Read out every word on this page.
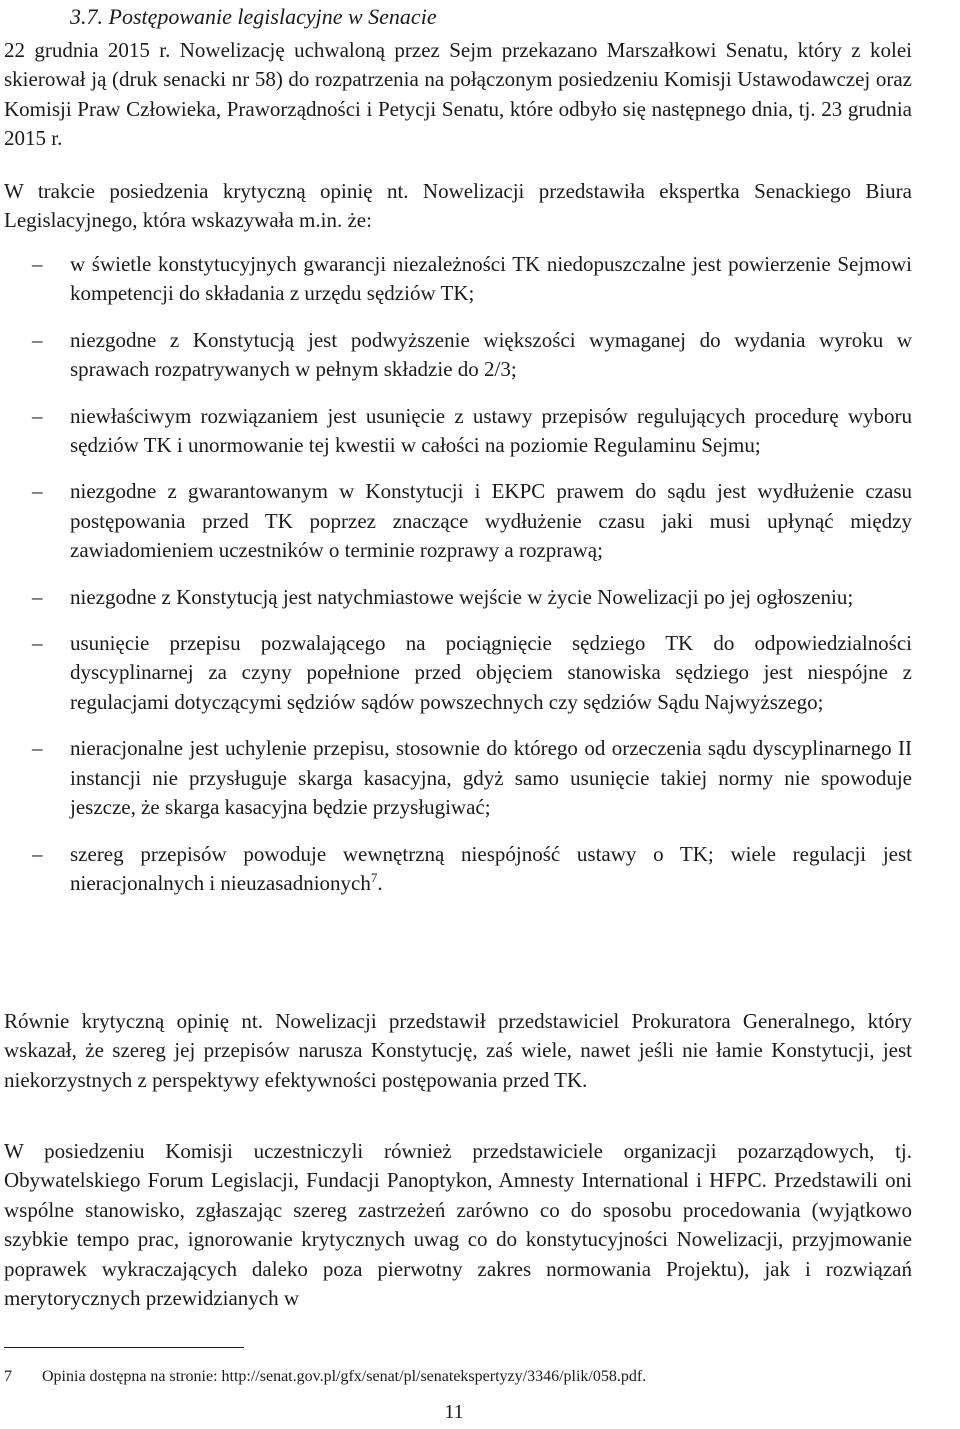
3.7. Postępowanie legislacyjne w Senacie

22 grudnia 2015 r. Nowelizację uchwaloną przez Sejm przekazano Marszałkowi Senatu, który z kolei skierował ją (druk senacki nr 58) do rozpatrzenia na połączonym posiedzeniu Komisji Ustawodawczej oraz Komisji Praw Człowieka, Praworządności i Petycji Senatu, które odbyło się następnego dnia, tj. 23 grudnia 2015 r.

W trakcie posiedzenia krytyczną opinię nt. Nowelizacji przedstawiła ekspertka Senackiego Biura Legislacyjnego, która wskazywała m.in. że:

– w świetle konstytucyjnych gwarancji niezależności TK niedopuszczalne jest powierzenie Sejmowi kompetencji do składania z urzędu sędziów TK;
– niezgodne z Konstytucją jest podwyższenie większości wymaganej do wydania wyroku w sprawach rozpatrywanych w pełnym składzie do 2/3;
– niewłaściwym rozwiązaniem jest usunięcie z ustawy przepisów regulujących procedurę wyboru sędziów TK i unormowanie tej kwestii w całości na poziomie Regulaminu Sejmu;
– niezgodne z gwarantowanym w Konstytucji i EKPC prawem do sądu jest wydłużenie czasu postępowania przed TK poprzez znaczące wydłużenie czasu jaki musi upłynąć między zawiadomieniem uczestników o terminie rozprawy a rozprawą;
– niezgodne z Konstytucją jest natychmiastowe wejście w życie Nowelizacji po jej ogłoszeniu;
– usunięcie przepisu pozwalającego na pociągnięcie sędziego TK do odpowiedzialności dyscyplinarnej za czyny popełnione przed objęciem stanowiska sędziego jest niespójne z regulacjami dotyczącymi sędziów sądów powszechnych czy sędziów Sądu Najwyższego;
– nieracjonalne jest uchylenie przepisu, stosownie do którego od orzeczenia sądu dyscyplinarnego II instancji nie przysługuje skarga kasacyjna, gdyż samo usunięcie takiej normy nie spowoduje jeszcze, że skarga kasacyjna będzie przysługiwać;
– szereg przepisów powoduje wewnętrzną niespójność ustawy o TK; wiele regulacji jest nieracjonalnych i nieuzasadnionych$^7$.

Równie krytyczną opinię nt. Nowelizacji przedstawił przedstawiciel Prokuratora Generalnego, który wskazał, że szereg jej przepisów narusza Konstytucję, zaś wiele, nawet jeśli nie łamie Konstytucji, jest niekorzystnych z perspektywy efektywności postępowania przed TK.

W posiedzeniu Komisji uczestniczyli również przedstawiciele organizacji pozarządowych, tj. Obywatelskiego Forum Legislacji, Fundacji Panoptykon, Amnesty International i HFPC. Przedstawili oni wspólne stanowisko, zgłaszając szereg zastrzeżeń zarówno co do sposobu procedowania (wyjątkowo szybkie tempo prac, ignorowanie krytycznych uwag co do konstytucyjności Nowelizacji, przyjmowanie poprawek wykraczających daleko poza pierwotny zakres normowania Projektu), jak i rozwiązań merytorycznych przewidzianych w

7 Opinia dostępna na stronie: http://senat.gov.pl/gfx/senat/pl/senatekspertyzy/3346/plik/058.pdf.
11
